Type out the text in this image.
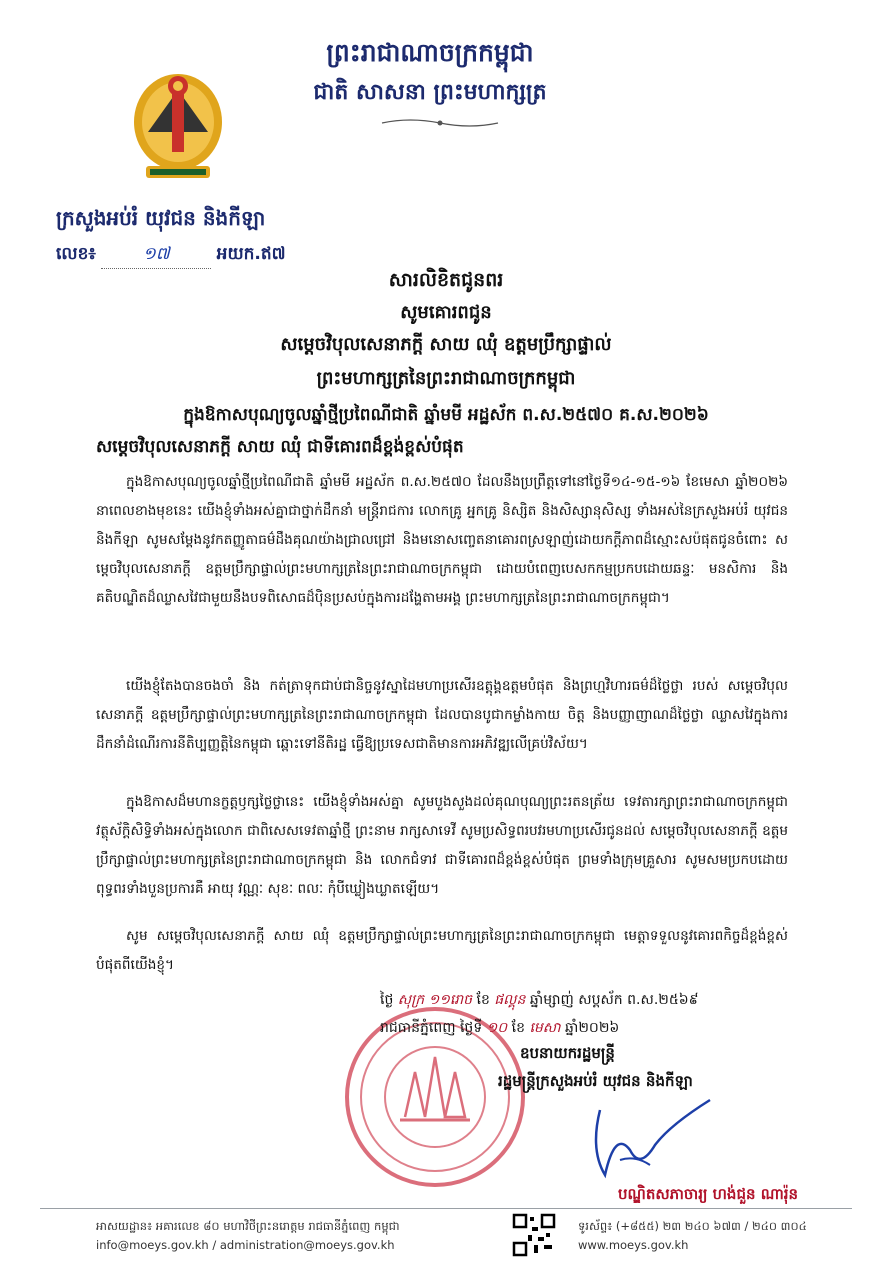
ព្រះរាជាណាចក្រកម្ពុជា
ជាតិ សាសនា ព្រះមហាក្សត្រ
ក្រសួងអប់រំ យុវជន និងកីឡា
លេខ៖	១៧	អយក.ឥ៧
សារលិខិតជូនពរ
សូមគោរពជូន
សម្តេចវិបុលសេនាភក្តី សាយ ឈុំ ឧត្តមប្រឹក្សាផ្ទាល់
ព្រះមហាក្សត្រនៃព្រះរាជាណាចក្រកម្ពុជា
ក្នុងឱកាសបុណ្យចូលឆ្នាំថ្មីប្រពៃណីជាតិ ឆ្នាំមមី អដ្ឋស័ក ព.ស.២៥៧០ គ.ស.២០២៦
សម្តេចវិបុលសេនាភក្តី សាយ ឈុំ ជាទីគោរពដ៏ខ្ពង់ខ្ពស់បំផុត
ក្នុងឱកាសបុណ្យចូលឆ្នាំថ្មីប្រពៃណីជាតិ ឆ្នាំមមី អដ្ឋស័ក ព.ស.២៥៧០ ដែលនឹងប្រព្រឹត្តទៅនៅថ្ងៃទី១៤-១៥-១៦ ខែមេសា ឆ្នាំ២០២៦ នាពេលខាងមុខនេះ យើងខ្ញុំទាំងអស់គ្នាជាថ្នាក់ដឹកនាំ មន្ត្រីរាជការ លោកគ្រូ អ្នកគ្រូ និស្សិត និងសិស្សានុសិស្ស ទាំងអស់នៃក្រសួងអប់រំ យុវជន និងកីឡា សូមសម្តែងនូវកតញ្ញូតាធម៌ដឹងគុណយ៉ាងជ្រាលជ្រៅ និងមនោសញ្ចេតនាគោរពស្រឡាញ់ដោយកក្តីភាពដ៏ស្មោះសប៉ផុតជូនចំពោះ សម្តេចវិបុលសេនាភក្តី ឧត្តមប្រឹក្សាផ្ទាល់ព្រះមហាក្សត្រនៃព្រះរាជាណាចក្រកម្ពុជា ដោយបំពេញបេសកកម្មប្រកបដោយឆន្ទៈ មនសិការ និងគតិបណ្ឌិតដ៏ឈ្លាសវៃជាមួយនឹងបទពិសោធដ៏ប៉ិនប្រសប់ក្នុងការដង្ហែតាមអង្គ ព្រះមហាក្សត្រនៃព្រះរាជាណាចក្រកម្ពុជា។
យើងខ្ញុំតែងបានចងចាំ និង កត់ត្រាទុកជាប់ជានិច្ចនូវស្នាដៃមហាប្រសើរឧត្តុង្គឧត្តមបំផុត និងព្រហ្មវិហារធម៌ដ៏ថ្លៃថ្លា របស់ សម្តេចវិបុលសេនាភក្តី ឧត្តមប្រឹក្សាផ្ទាល់ព្រះមហាក្សត្រនៃព្រះរាជាណាចក្រកម្ពុជា ដែលបានបូជាកម្លាំងកាយ ចិត្ត និងបញ្ញាញាណដ៏ថ្លៃថ្លា ឈ្លាសវៃក្នុងការដឹកនាំដំណើរការនីតិប្បញ្ញត្តិនៃកម្ពុជា ឆ្ពោះទៅនីតិរដ្ឋ ធ្វើឱ្យប្រទេសជាតិមានការអភិវឌ្ឍលើគ្រប់វិស័យ។
ក្នុងឱកាសដ៏មហានក្ខត្តឫក្សថ្លៃថ្លានេះ យើងខ្ញុំទាំងអស់គ្នា សូមបួងសួងដល់គុណបុណ្យព្រះរតនត្រ័យ ទេវតារក្សាព្រះរាជាណាចក្រកម្ពុជា វត្ថុស័ក្តិសិទ្ធិទាំងអស់ក្នុងលោក ជាពិសេសទេវតាឆ្នាំថ្មី ព្រះនាម រាក្សសាទេវី សូមប្រសិទ្ធពរបវរមហាប្រសើរជូនដល់ សម្តេចវិបុលសេនាភក្តី ឧត្តមប្រឹក្សាផ្ទាល់ព្រះមហាក្សត្រនៃព្រះរាជាណាចក្រកម្ពុជា និង លោកជំទាវ ជាទីគោរពដ៏ខ្ពង់ខ្ពស់បំផុត ព្រមទាំងក្រុមគ្រួសារ សូមសមប្រកបដោយពុទ្ធពរទាំងបួនប្រការគឺ អាយុ វណ្ណៈ សុខៈ ពលៈ កុំបីឃ្លៀងឃ្លាតឡើយ។
សូម សម្តេចវិបុលសេនាភក្តី សាយ ឈុំ ឧត្តមប្រឹក្សាផ្ទាល់ព្រះមហាក្សត្រនៃព្រះរាជាណាចក្រកម្ពុជា មេត្តាទទួលនូវគោរពកិច្ចដ៏ខ្ពង់ខ្ពស់បំផុតពីយើងខ្ញុំ។
ថ្ងៃ សុក្រ ១១រោច ខែ ផល្គុន ឆ្នាំម្សាញ់ សប្តស័ក ព.ស.២៥៦៩
រាជធានីភ្នំពេញ ថ្ងៃទី ១០ ខែ មេសា ឆ្នាំ២០២៦
ឧបនាយករដ្ឋមន្ត្រី
រដ្ឋមន្ត្រីក្រសួងអប់រំ យុវជន និងកីឡា
បណ្ឌិតសភាចារ្យ ហង់ជួន ណារ៉ុន
អាសយដ្ឋាន៖ អគារលេខ ៨០ មហាវិថីព្រះនរោត្តម រាជធានីភ្នំពេញ កម្ពុជា
info@moeys.gov.kh / administration@moeys.gov.kh
ទូរស័ព្ទ៖ (+៨៥៥) ២៣ ២៤០ ៦៧៣ / ២៤០ ៣០៤
www.moeys.gov.kh
